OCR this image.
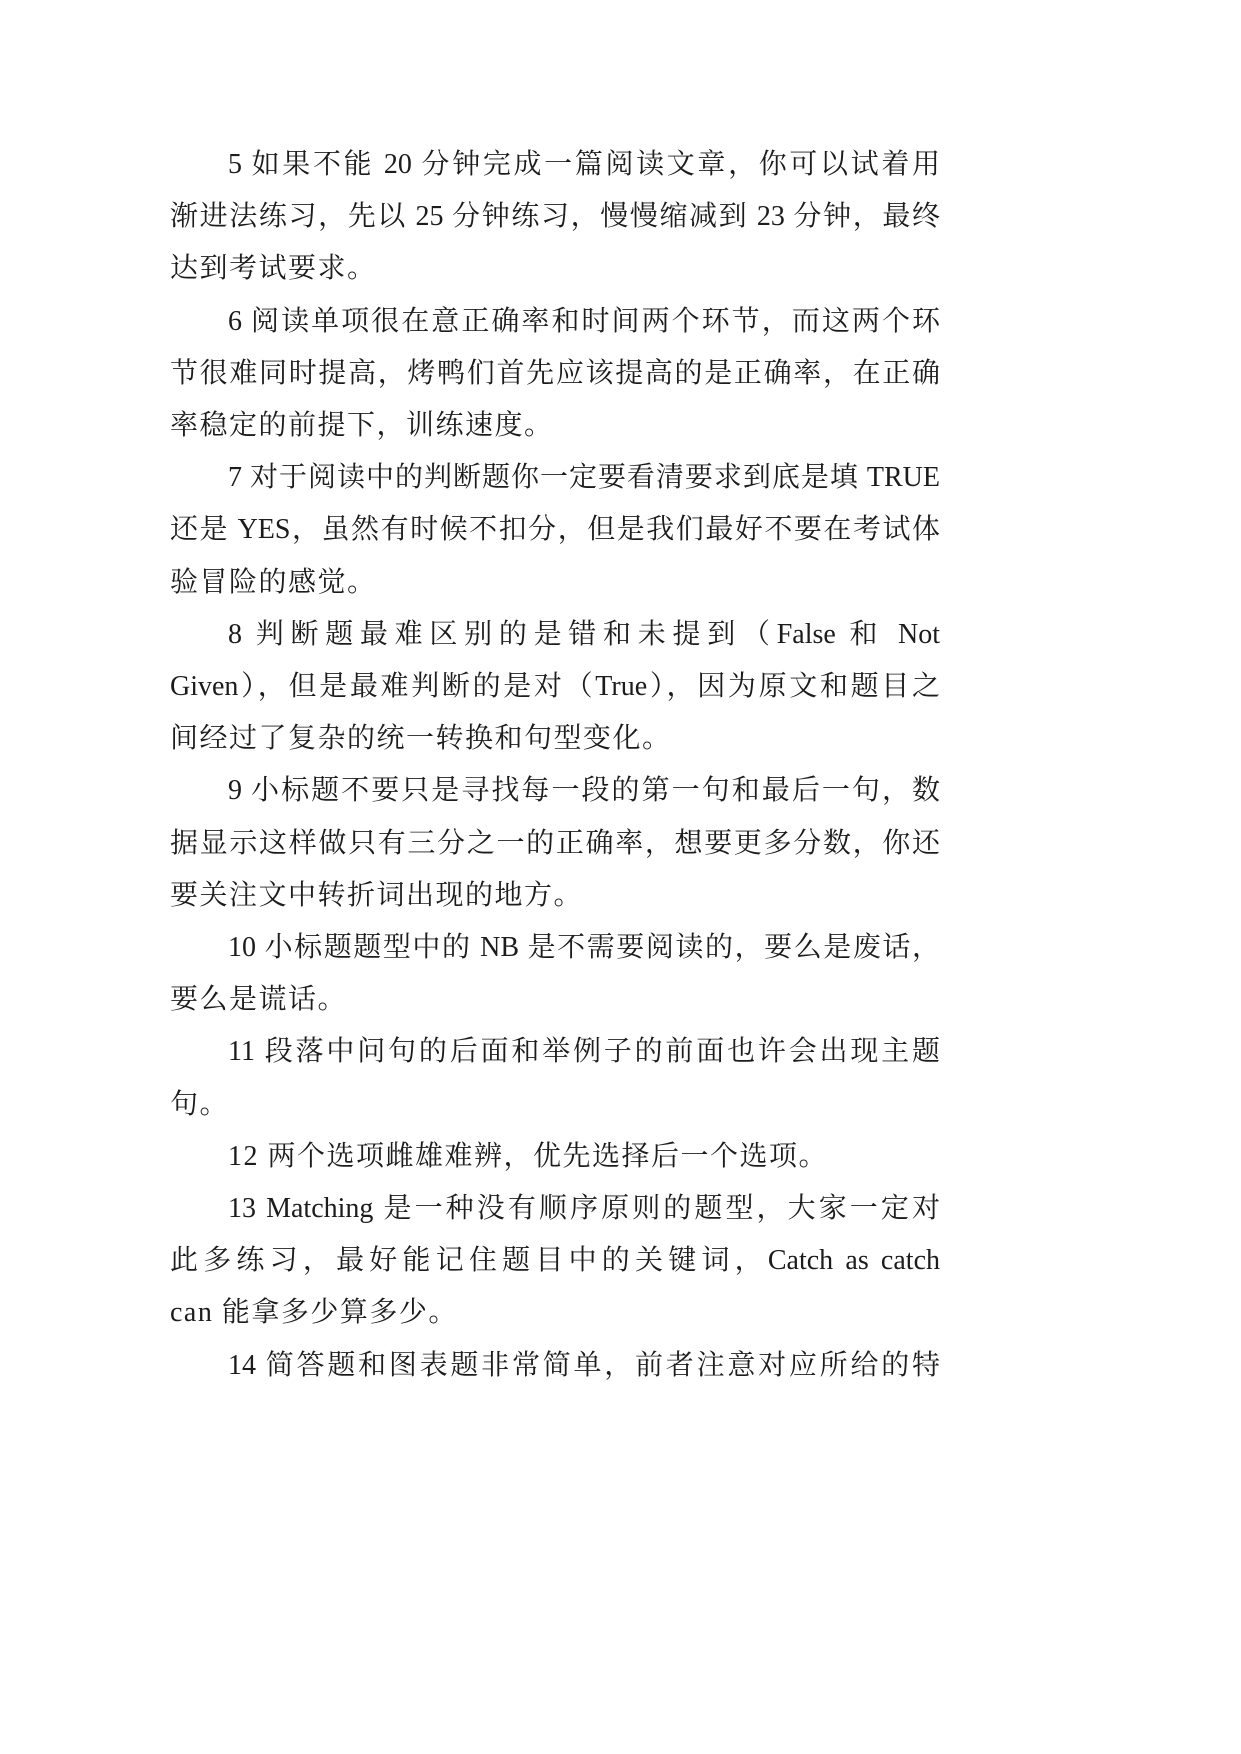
5 如果不能 20 分钟完成一篇阅读文章，你可以试着用
渐进法练习，先以 25 分钟练习，慢慢缩减到 23 分钟，最终
达到考试要求。
6 阅读单项很在意正确率和时间两个环节，而这两个环
节很难同时提高，烤鸭们首先应该提高的是正确率，在正确
率稳定的前提下，训练速度。
7 对于阅读中的判断题你一定要看清要求到底是填 TRUE
还是 YES，虽然有时候不扣分，但是我们最好不要在考试体
验冒险的感觉。
8 判断题最难区别的是错和未提到（False 和 Not
Given），但是最难判断的是对（True），因为原文和题目之
间经过了复杂的统一转换和句型变化。
9 小标题不要只是寻找每一段的第一句和最后一句，数
据显示这样做只有三分之一的正确率，想要更多分数，你还
要关注文中转折词出现的地方。
10 小标题题型中的 NB 是不需要阅读的，要么是废话，
要么是谎话。
11 段落中问句的后面和举例子的前面也许会出现主题
句。
12 两个选项雌雄难辨，优先选择后一个选项。
13 Matching 是一种没有顺序原则的题型，大家一定对
此多练习，最好能记住题目中的关键词，Catch as catch
can 能拿多少算多少。
14 简答题和图表题非常简单，前者注意对应所给的特
